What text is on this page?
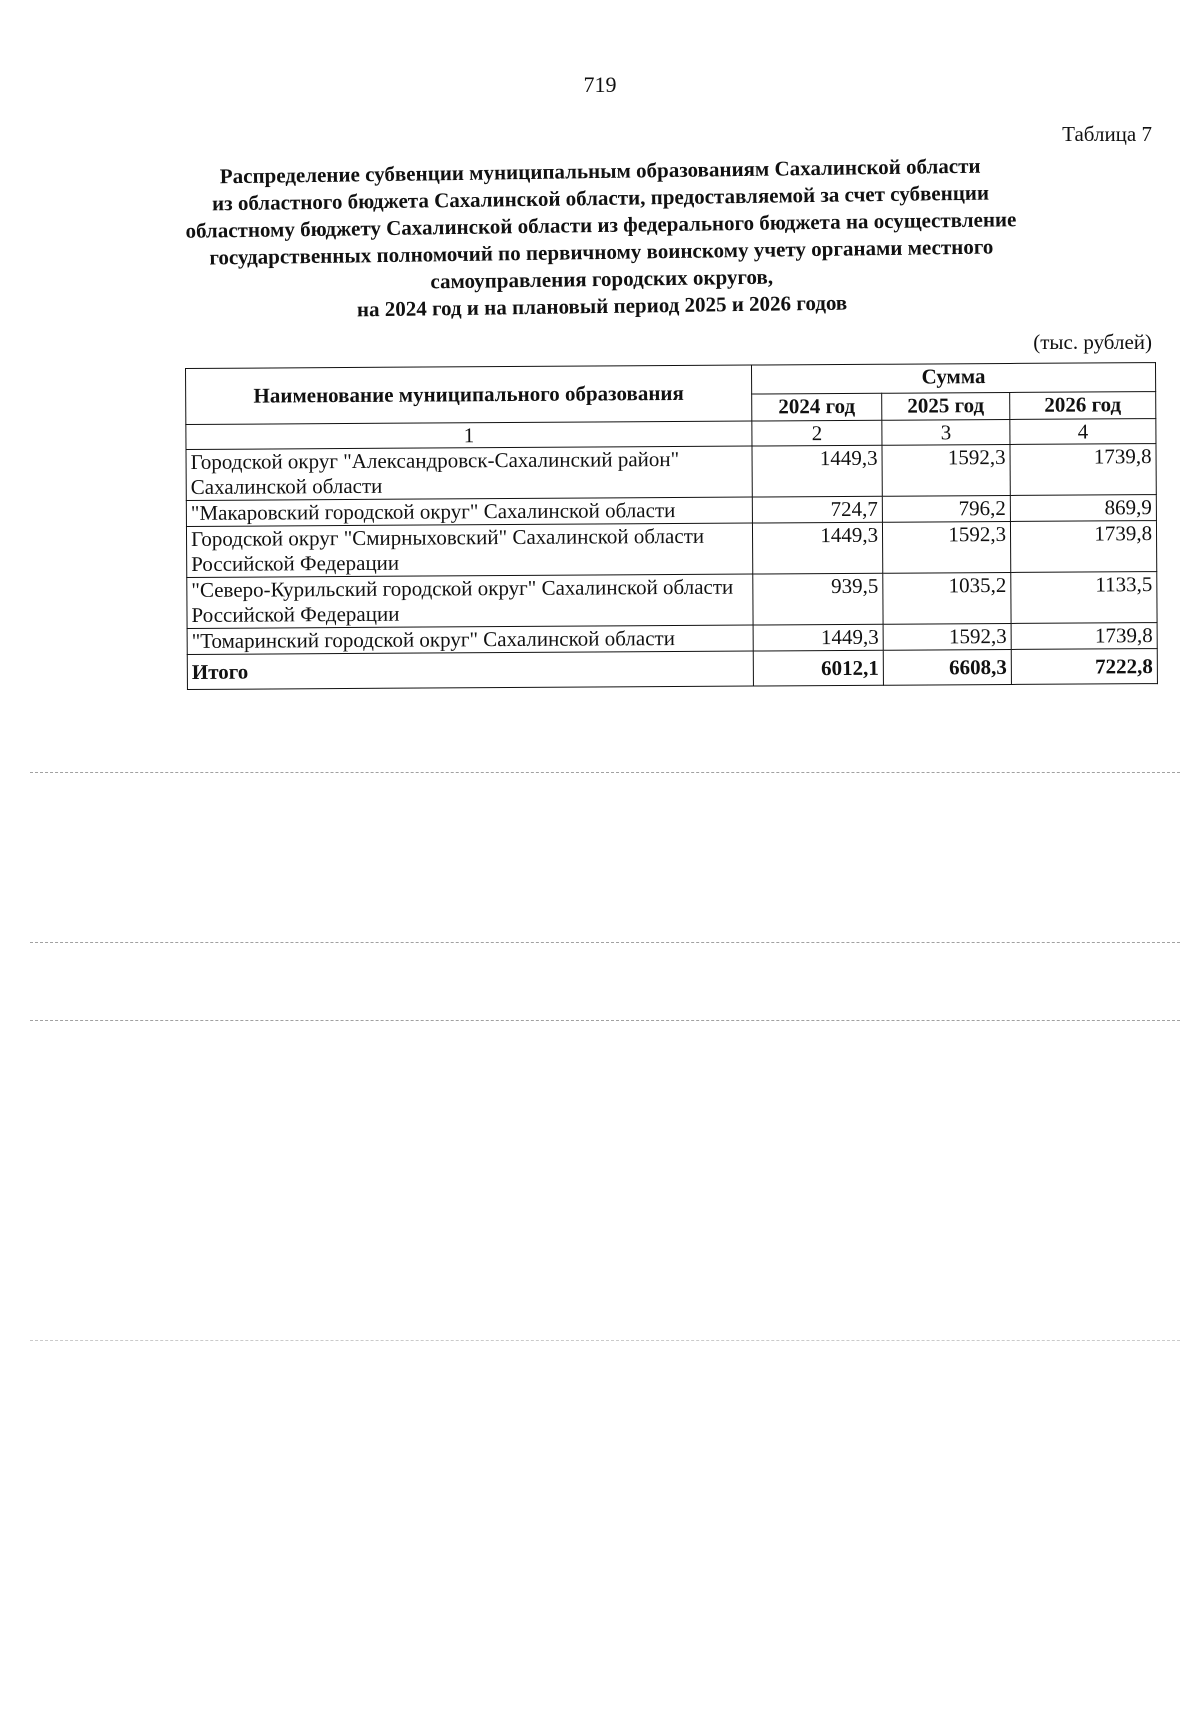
719
Таблица 7
Распределение субвенции муниципальным образованиям Сахалинской области
из областного бюджета Сахалинской области, предоставляемой за счет субвенции
областному бюджету Сахалинской области из федерального бюджета на осуществление
государственных полномочий по первичному воинскому учету органами местного
самоуправления городских округов,
на 2024 год и на плановый период 2025 и 2026 годов
(тыс. рублей)
Наименование муниципального образования	Сумма		
	2024 год	2025 год	2026 год
1	2	3	4
Городской округ "Александровск-Сахалинский район" Сахалинской области	1449,3	1592,3	1739,8
"Макаровский городской округ" Сахалинской области	724,7	796,2	869,9
Городской округ "Смирныховский" Сахалинской области Российской Федерации	1449,3	1592,3	1739,8
"Северо-Курильский городской округ" Сахалинской области Российской Федерации	939,5	1035,2	1133,5
"Томаринский городской округ" Сахалинской области	1449,3	1592,3	1739,8
Итого	6012,1	6608,3	7222,8
